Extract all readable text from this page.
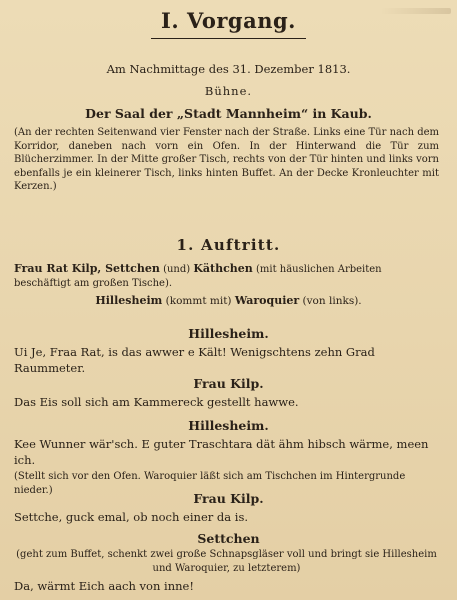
I. Vorgang.
Am Nachmittage des 31. Dezember 1813.
Bühne.
Der Saal der „Stadt Mannheim“ in Kaub.

(An der rechten Seitenwand vier Fenster nach der Straße. Links eine Tür nach dem Korridor, daneben nach vorn ein Ofen. In der Hinterwand die Tür zum Blücherzimmer. In der Mitte großer Tisch, rechts von der Tür hinten und links vorn ebenfalls je ein kleinerer Tisch, links hinten Buffet. An der Decke Kronleuchter mit Kerzen.)

1. Auftritt.
Frau Rat Kilp, Settchen (und) Käthchen (mit häuslichen Arbeiten beschäftigt am großen Tische).
Hillesheim (kommt mit) Waroquier (von links).
Hillesheim.
Ui Je, Fraa Rat, is das awwer e Kält! Wenigschtens zehn Grad Raummeter.
Frau Kilp.
Das Eis soll sich am Kammereck gestellt hawwe.
Hillesheim.
Kee Wunner wär'sch. E guter Traschtara dät ähm hibsch wärme, meen ich.
(Stellt sich vor den Ofen. Waroquier läßt sich am Tischchen im Hintergrunde nieder.)
Frau Kilp.
Settche, guck emal, ob noch einer da is.
Settchen
(geht zum Buffet, schenkt zwei große Schnapsgläser voll und bringt sie Hillesheim und Waroquier, zu letzterem)
Da, wärmt Eich aach von inne!
